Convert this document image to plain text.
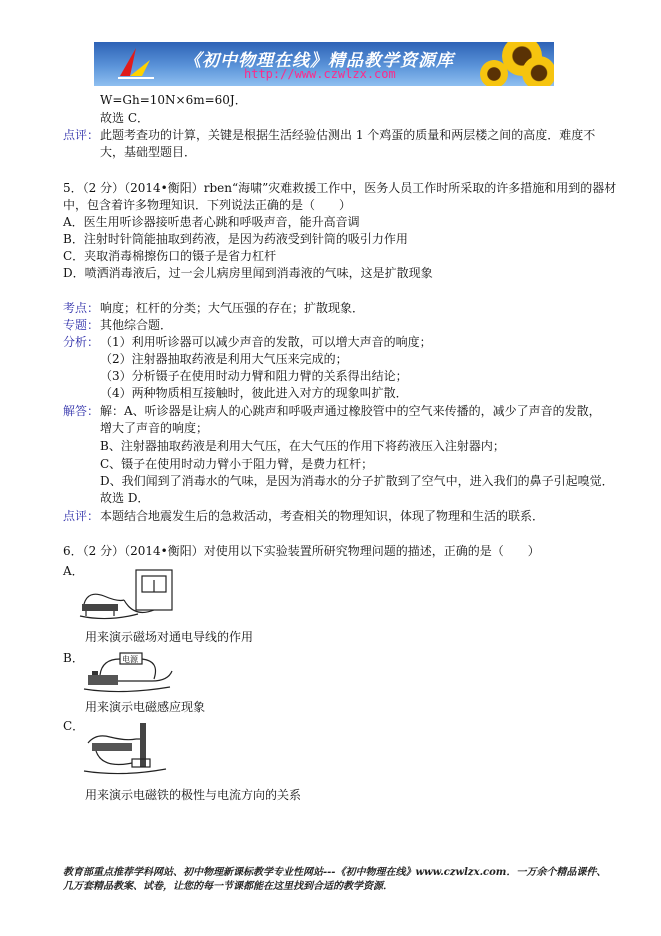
《初中物理在线》精品教学资源库
http://www.czwlzx.com
W=Gh=10N×6m=60J．
故选 C．
点评： 此题考查功的计算，关键是根据生活经验估测出 1 个鸡蛋的质量和两层楼之间的高度．难度不
大，基础型题目．
5．（2 分）（2014•衡阳）rben“海啸”灾难救援工作中，医务人员工作时所采取的许多措施和用到的器材
中，包含着许多物理知识．下列说法正确的是（　　）
A．医生用听诊器接听患者心跳和呼吸声音，能升高音调
B．注射时针筒能抽取到药液，是因为药液受到针筒的吸引力作用
C．夹取消毒棉擦伤口的镊子是省力杠杆
D．喷洒消毒液后，过一会儿病房里闻到消毒液的气味，这是扩散现象
考点： 响度；杠杆的分类；大气压强的存在；扩散现象．
专题： 其他综合题．
分析： （1）利用听诊器可以减少声音的发散，可以增大声音的响度；
（2）注射器抽取药液是利用大气压来完成的；
（3）分析镊子在使用时动力臂和阻力臂的关系得出结论；
（4）两种物质相互接触时，彼此进入对方的现象叫扩散．
解答： 解：A、听诊器是让病人的心跳声和呼吸声通过橡胶管中的空气来传播的，减少了声音的发散，
增大了声音的响度；
B、注射器抽取药液是利用大气压，在大气压的作用下将药液压入注射器内；
C、镊子在使用时动力臂小于阻力臂，是费力杠杆；
D、我们闻到了消毒水的气味，是因为消毒水的分子扩散到了空气中，进入我们的鼻子引起嗅觉．
故选 D．
点评： 本题结合地震发生后的急救活动，考查相关的物理知识，体现了物理和生活的联系．
6．（2 分）（2014•衡阳）对使用以下实验装置所研究物理问题的描述，正确的是（　　）
A．
用来演示磁场对通电导线的作用
B．	电源
用来演示电磁感应现象
C．
用来演示电磁铁的极性与电流方向的关系
教育部重点推荐学科网站、初中物理新课标教学专业性网站---《初中物理在线》www.czwlzx.com．一万余个精品课件、
几万套精品教案、试卷，让您的每一节课都能在这里找到合适的教学资源．
